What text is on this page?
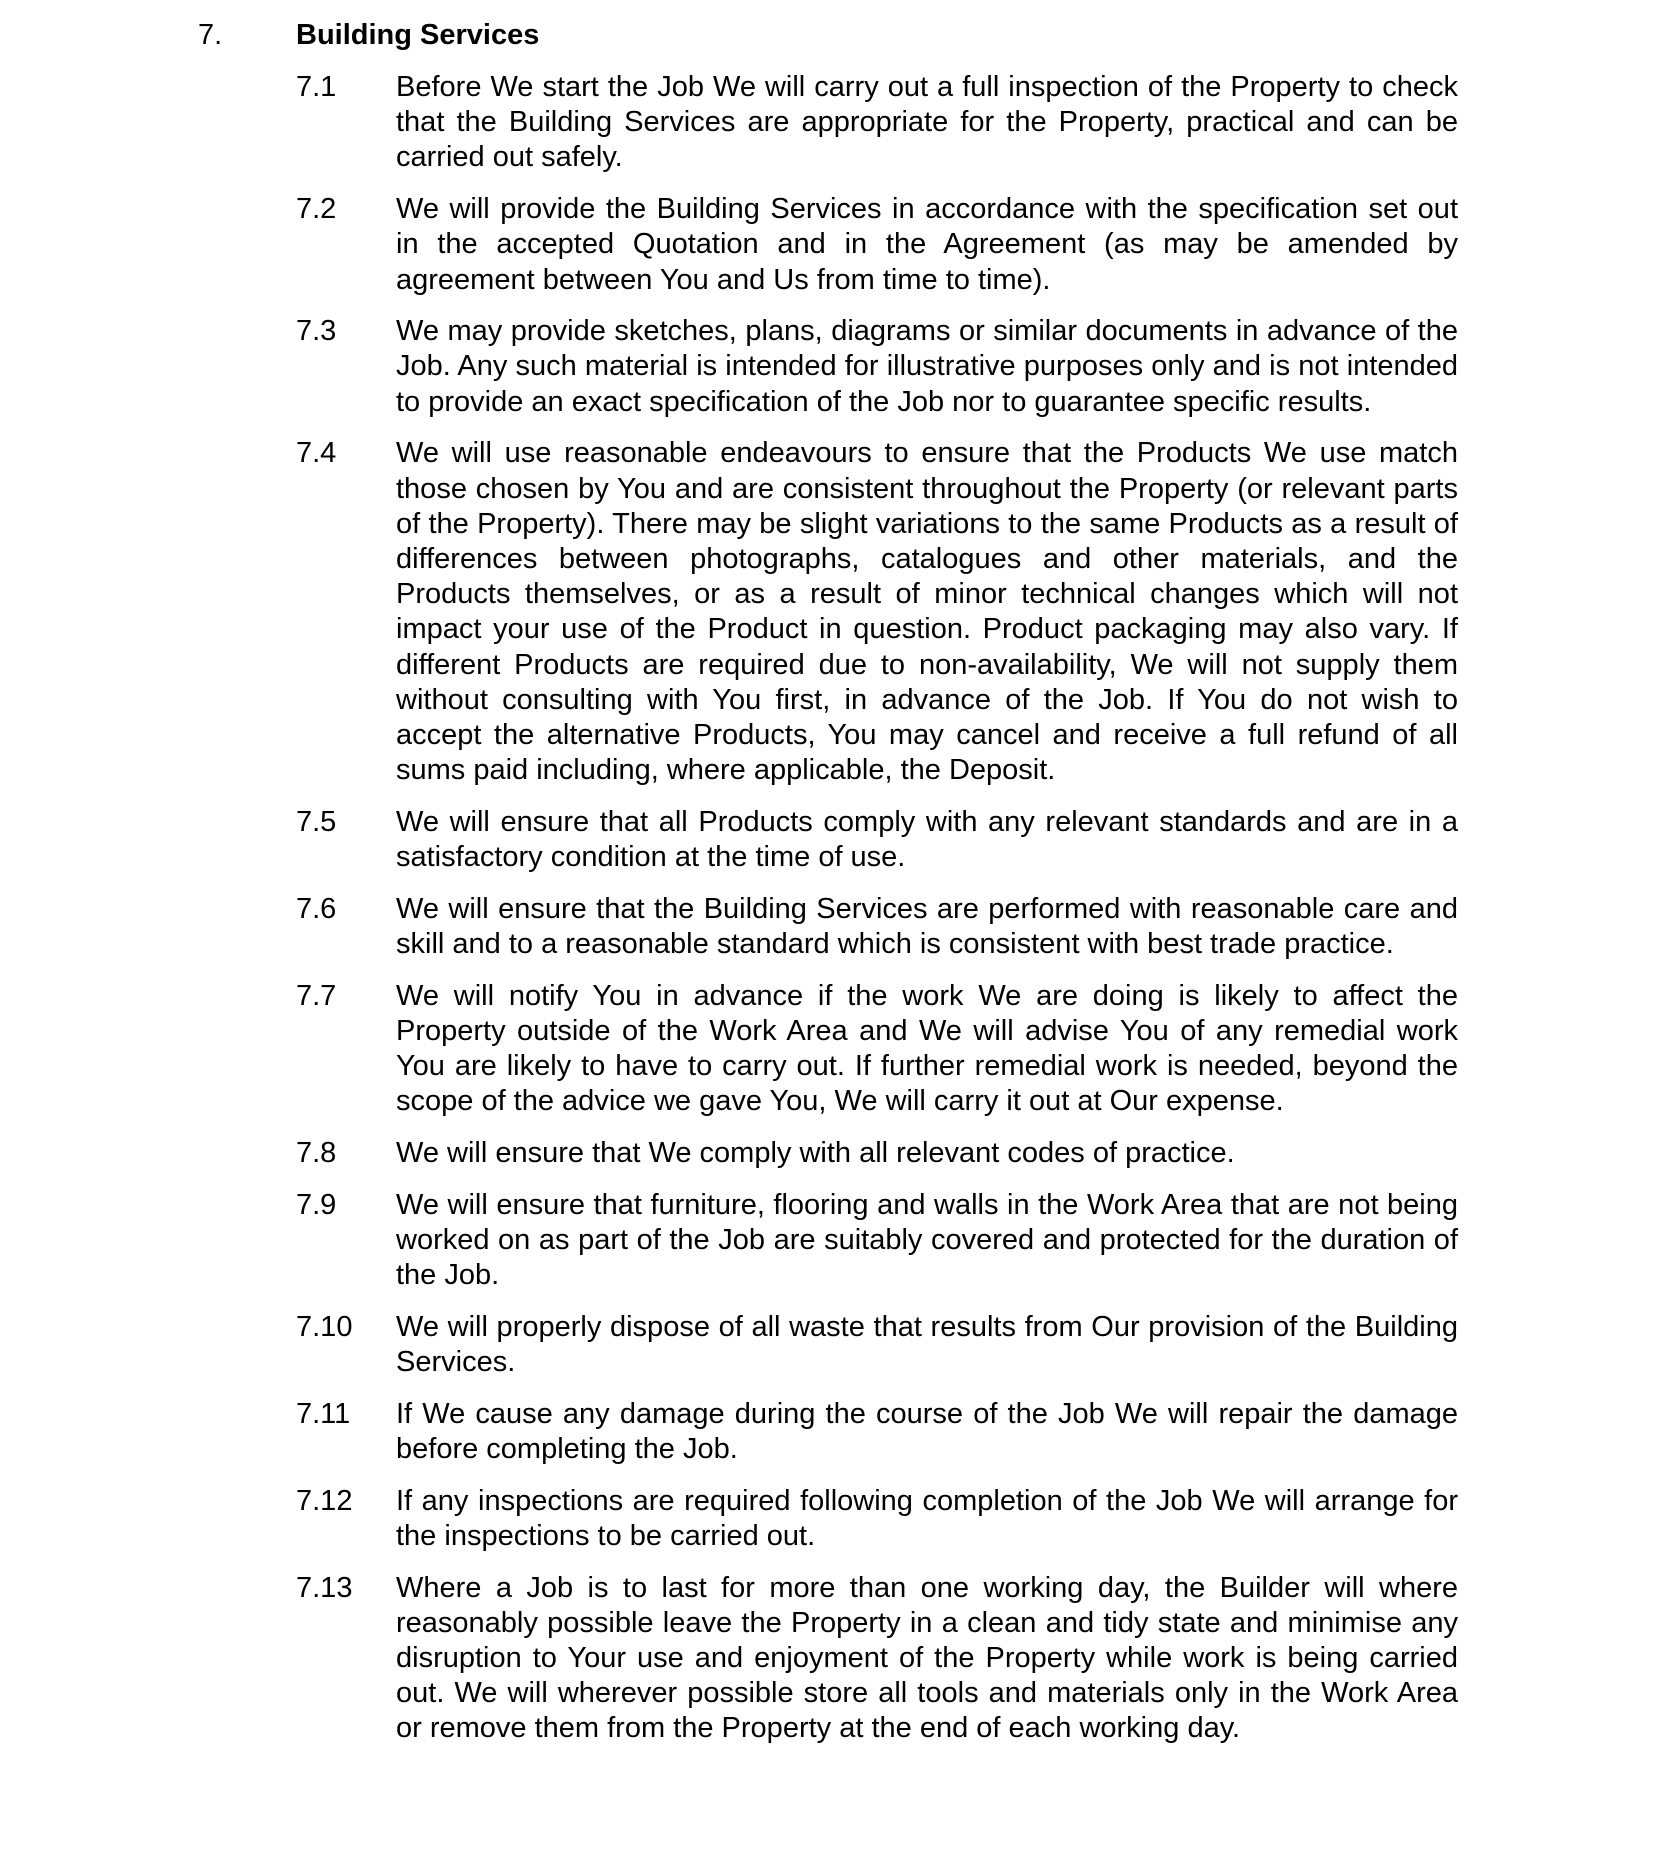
7.	Building Services
7.1	Before We start the Job We will carry out a full inspection of the Property to check that the Building Services are appropriate for the Property, practical and can be carried out safely.
7.2	We will provide the Building Services in accordance with the specification set out in the accepted Quotation and in the Agreement (as may be amended by agreement between You and Us from time to time).
7.3	We may provide sketches, plans, diagrams or similar documents in advance of the Job. Any such material is intended for illustrative purposes only and is not intended to provide an exact specification of the Job nor to guarantee specific results.
7.4	We will use reasonable endeavours to ensure that the Products We use match those chosen by You and are consistent throughout the Property (or relevant parts of the Property). There may be slight variations to the same Products as a result of differences between photographs, catalogues and other materials, and the Products themselves, or as a result of minor technical changes which will not impact your use of the Product in question. Product packaging may also vary. If different Products are required due to non-availability, We will not supply them without consulting with You first, in advance of the Job. If You do not wish to accept the alternative Products, You may cancel and receive a full refund of all sums paid including, where applicable, the Deposit.
7.5	We will ensure that all Products comply with any relevant standards and are in a satisfactory condition at the time of use.
7.6	We will ensure that the Building Services are performed with reasonable care and skill and to a reasonable standard which is consistent with best trade practice.
7.7	We will notify You in advance if the work We are doing is likely to affect the Property outside of the Work Area and We will advise You of any remedial work You are likely to have to carry out. If further remedial work is needed, beyond the scope of the advice we gave You, We will carry it out at Our expense.
7.8	We will ensure that We comply with all relevant codes of practice.
7.9	We will ensure that furniture, flooring and walls in the Work Area that are not being worked on as part of the Job are suitably covered and protected for the duration of the Job.
7.10	We will properly dispose of all waste that results from Our provision of the Building Services.
7.11	If We cause any damage during the course of the Job We will repair the damage before completing the Job.
7.12	If any inspections are required following completion of the Job We will arrange for the inspections to be carried out.
7.13	Where a Job is to last for more than one working day, the Builder will where reasonably possible leave the Property in a clean and tidy state and minimise any disruption to Your use and enjoyment of the Property while work is being carried out. We will wherever possible store all tools and materials only in the Work Area or remove them from the Property at the end of each working day.
